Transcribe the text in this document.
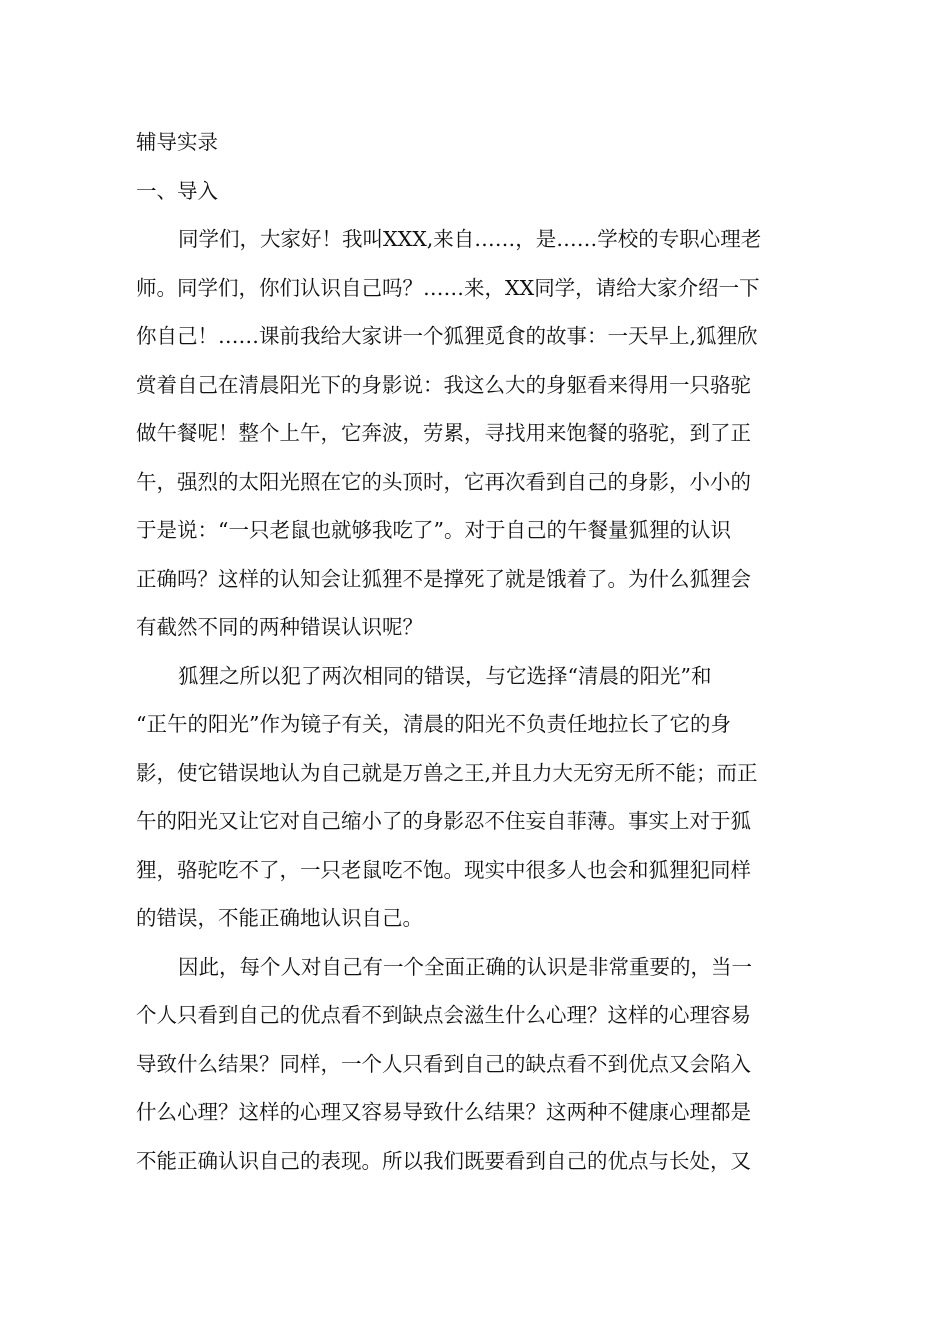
辅导实录
一、导入
同学们，大家好！我叫XXX,来自……，是……学校的专职心理老
师。同学们，你们认识自己吗？……来，XX同学，请给大家介绍一下
你自己！……课前我给大家讲一个狐狸觅食的故事：一天早上,狐狸欣
赏着自己在清晨阳光下的身影说：我这么大的身躯看来得用一只骆驼
做午餐呢！整个上午，它奔波，劳累，寻找用来饱餐的骆驼，到了正
午，强烈的太阳光照在它的头顶时，它再次看到自己的身影，小小的
于是说：“一只老鼠也就够我吃了”。对于自己的午餐量狐狸的认识
正确吗？这样的认知会让狐狸不是撑死了就是饿着了。为什么狐狸会
有截然不同的两种错误认识呢？
狐狸之所以犯了两次相同的错误，与它选择“清晨的阳光”和
“正午的阳光”作为镜子有关，清晨的阳光不负责任地拉长了它的身
影，使它错误地认为自己就是万兽之王,并且力大无穷无所不能；而正
午的阳光又让它对自己缩小了的身影忍不住妄自菲薄。事实上对于狐
狸，骆驼吃不了，一只老鼠吃不饱。现实中很多人也会和狐狸犯同样
的错误，不能正确地认识自己。
因此，每个人对自己有一个全面正确的认识是非常重要的，当一
个人只看到自己的优点看不到缺点会滋生什么心理？这样的心理容易
导致什么结果？同样，一个人只看到自己的缺点看不到优点又会陷入
什么心理？这样的心理又容易导致什么结果？这两种不健康心理都是
不能正确认识自己的表现。所以我们既要看到自己的优点与长处，又
